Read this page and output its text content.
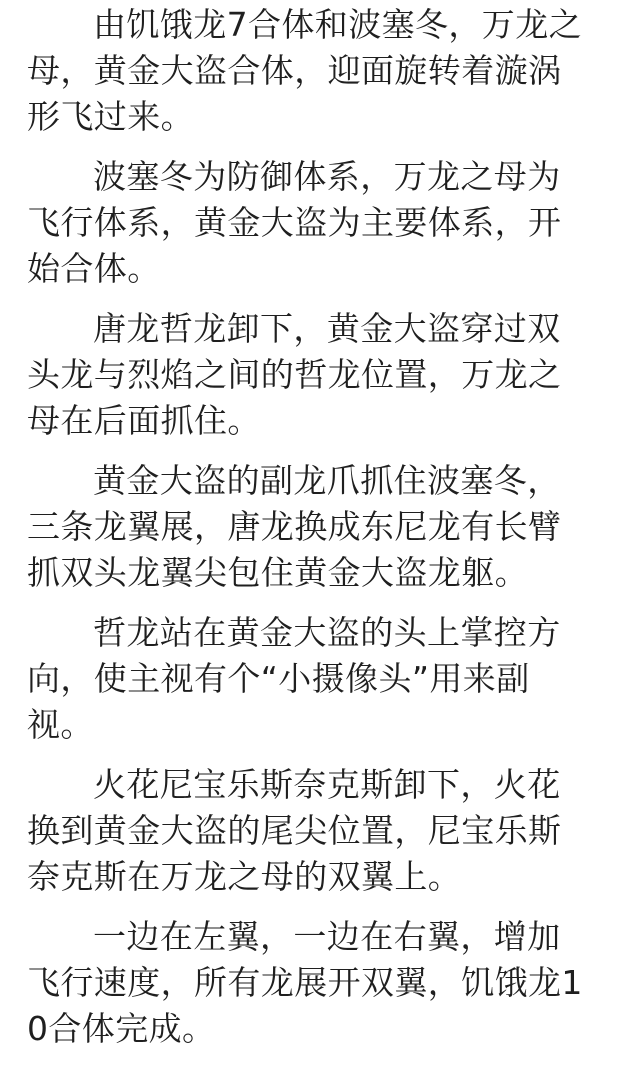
由饥饿龙7合体和波塞冬，万龙之母，黄金大盗合体，迎面旋转着漩涡形飞过来。

波塞冬为防御体系，万龙之母为飞行体系，黄金大盗为主要体系，开始合体。

唐龙哲龙卸下，黄金大盗穿过双头龙与烈焰之间的哲龙位置，万龙之母在后面抓住。

黄金大盗的副龙爪抓住波塞冬，三条龙翼展，唐龙换成东尼龙有长臂抓双头龙翼尖包住黄金大盗龙躯。

哲龙站在黄金大盗的头上掌控方向，使主视有个“小摄像头”用来副视。

火花尼宝乐斯奈克斯卸下，火花换到黄金大盗的尾尖位置，尼宝乐斯奈克斯在万龙之母的双翼上。

一边在左翼，一边在右翼，增加飞行速度，所有龙展开双翼，饥饿龙10合体完成。
